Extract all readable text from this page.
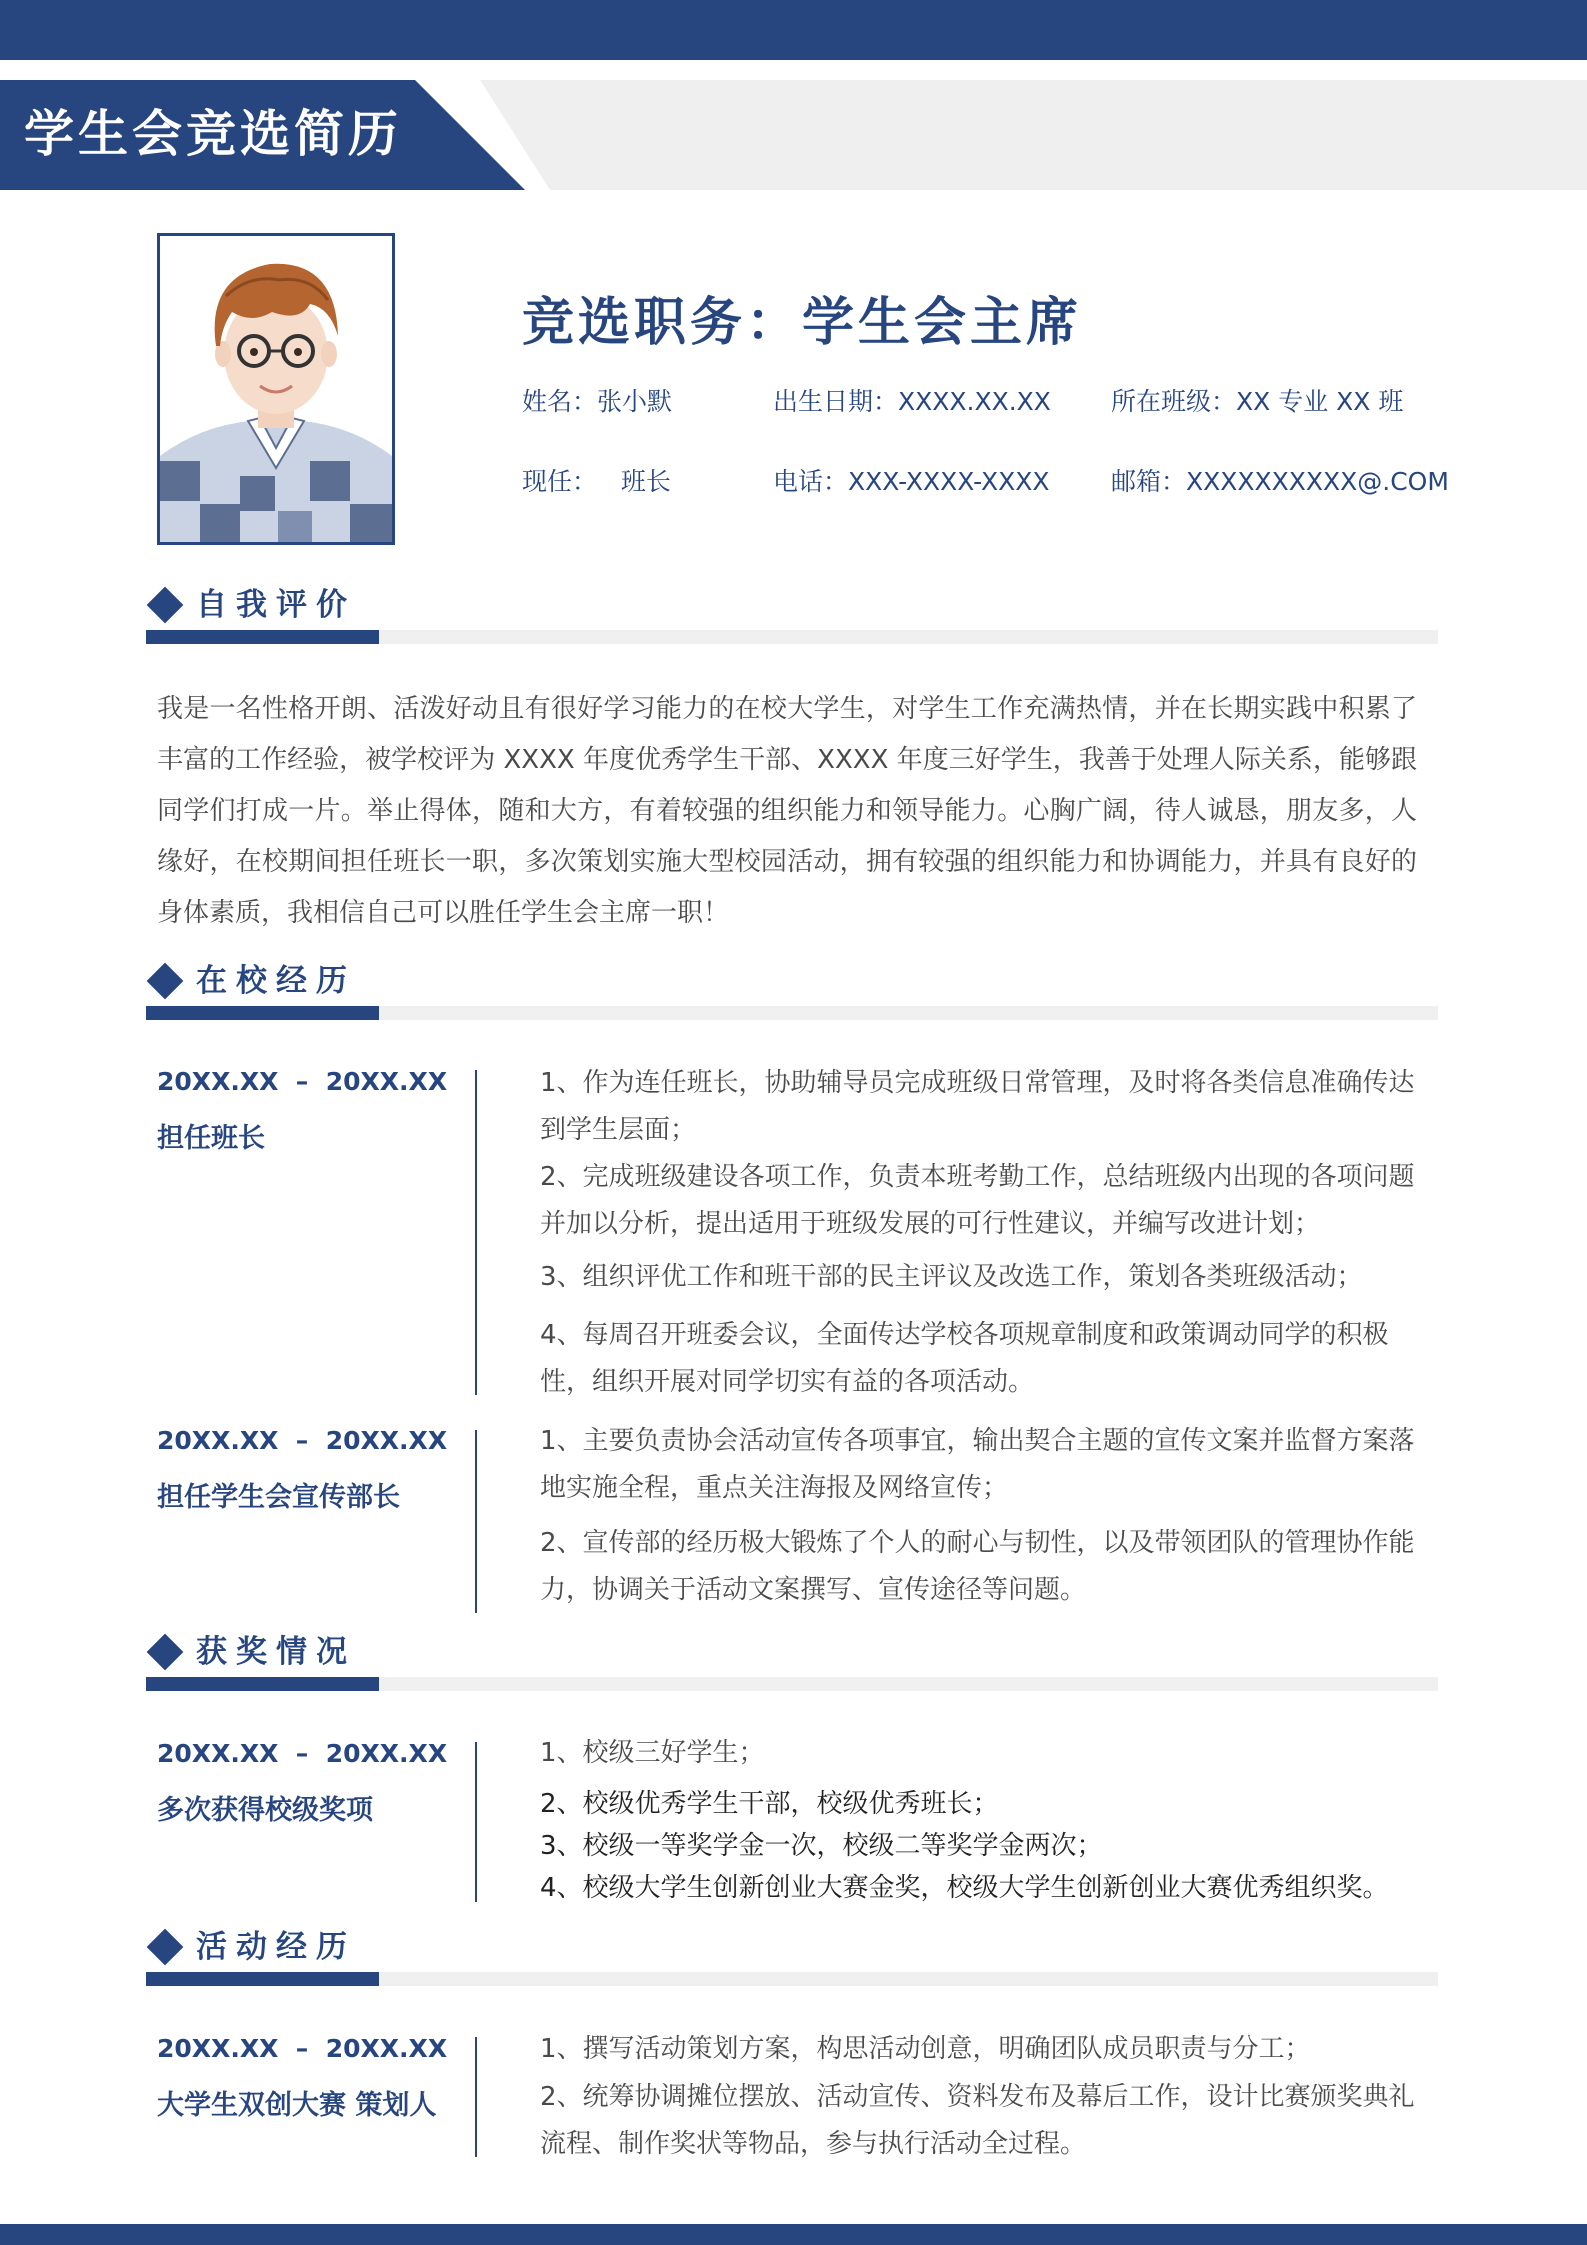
学生会竞选简历
竞选职务：学生会主席
姓名：张小默	出生日期：XXXX.XX.XX 所在班级：XX 专业 XX 班
现任：   班长	电话：XXX-XXXX-XXXX 邮箱：XXXXXXXXXX@.COM
自我评价

我是一名性格开朗、活泼好动且有很好学习能力的在校大学生，对学生工作充满热情，并在长期实践中积累了丰富的工作经验，被学校评为 XXXX 年度优秀学生干部、XXXX 年度三好学生，我善于处理人际关系，能够跟同学们打成一片。举止得体，随和大方，有着较强的组织能力和领导能力。心胸广阔，待人诚恳，朋友多，人缘好，在校期间担任班长一职，多次策划实施大型校园活动，拥有较强的组织能力和协调能力，并具有良好的身体素质，我相信自己可以胜任学生会主席一职！

在校经历
20XX.XX  –  20XX.XX
担任班长

1、作为连任班长，协助辅导员完成班级日常管理，及时将各类信息准确传达到学生层面；

2、完成班级建设各项工作，负责本班考勤工作，总结班级内出现的各项问题并加以分析，提出适用于班级发展的可行性建议，并编写改进计划；

3、组织评优工作和班干部的民主评议及改选工作，策划各类班级活动；

4、每周召开班委会议，全面传达学校各项规章制度和政策调动同学的积极性，组织开展对同学切实有益的各项活动。

20XX.XX  –  20XX.XX
担任学生会宣传部长

1、主要负责协会活动宣传各项事宜，输出契合主题的宣传文案并监督方案落地实施全程，重点关注海报及网络宣传；

2、宣传部的经历极大锻炼了个人的耐心与韧性，以及带领团队的管理协作能力，协调关于活动文案撰写、宣传途径等问题。

获奖情况
20XX.XX  –  20XX.XX
多次获得校级奖项

1、校级三好学生；

2、校级优秀学生干部，校级优秀班长；

3、校级一等奖学金一次，校级二等奖学金两次；

4、校级大学生创新创业大赛金奖，校级大学生创新创业大赛优秀组织奖。

活动经历
20XX.XX  –  20XX.XX
大学生双创大赛 策划人

1、撰写活动策划方案，构思活动创意，明确团队成员职责与分工；

2、统筹协调摊位摆放、活动宣传、资料发布及幕后工作，设计比赛颁奖典礼流程、制作奖状等物品，参与执行活动全过程。
